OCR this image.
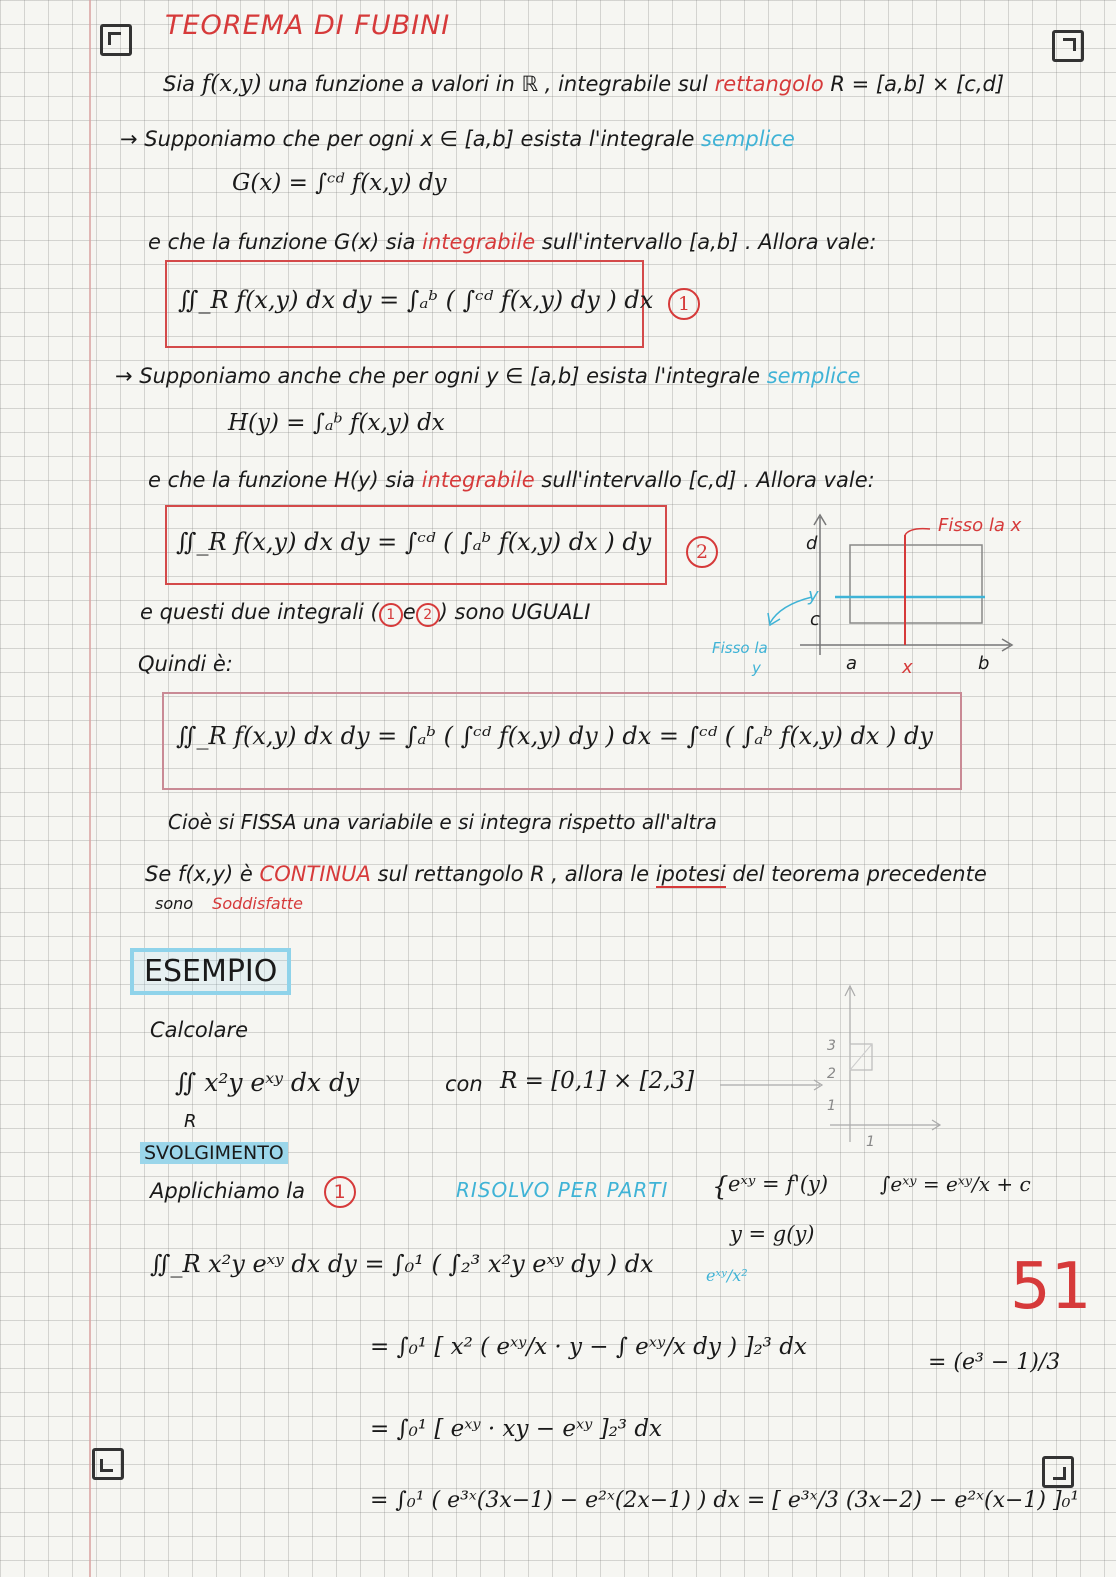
TEOREMA DI FUBINI
Sia f(x,y) una funzione a valori in ℝ , integrabile sul rettangolo R = [a,b] × [c,d]
→ Supponiamo che per ogni x ∈ [a,b] esista l'integrale semplice
G(x) = ∫ᶜᵈ f(x,y) dy
e che la funzione G(x) sia integrabile sull'intervallo [a,b] . Allora vale:
∬_R f(x,y) dx dy = ∫ₐᵇ ( ∫ᶜᵈ f(x,y) dy ) dx	1
→ Supponiamo anche che per ogni y ∈ [a,b] esista l'integrale semplice
H(y) = ∫ₐᵇ f(x,y) dx
e che la funzione H(y) sia integrabile sull'intervallo [c,d] . Allora vale:
∬_R f(x,y) dx dy = ∫ᶜᵈ ( ∫ₐᵇ f(x,y) dx ) dy	2
Fisso la x
Fisso la
y
d
y
c
a x	b
e questi due integrali ( 1 e 2 ) sono UGUALI
Quindi è:
∬_R f(x,y) dx dy = ∫ₐᵇ ( ∫ᶜᵈ f(x,y) dy ) dx = ∫ᶜᵈ ( ∫ₐᵇ f(x,y) dx ) dy
Cioè si FISSA una variabile e si integra rispetto all'altra
Se f(x,y) è CONTINUA sul rettangolo R , allora le ipotesi del teorema precedente
sono Soddisfatte
ESEMPIO
Calcolare
∬ x²y eˣʸ dx dy
R
con R = [0,1] × [2,3]
3
2
1
1
SVOLGIMENTO
Applichiamo la 1	RISOLVO PER PARTI { eˣʸ = f'(y)
y = g(y)
∫eˣʸ = eˣʸ/x + c
∬_R x²y eˣʸ dx dy = ∫₀¹ ( ∫₂³ x²y eˣʸ dy ) dx	eˣʸ/x²
= ∫₀¹ [ x² ( eˣʸ/x · y − ∫ eˣʸ/x dy ) ]₂³ dx
= ∫₀¹ [ eˣʸ · xy − eˣʸ ]₂³ dx
= ∫₀¹ ( e³ˣ(3x−1) − e²ˣ(2x−1) ) dx = [ e³ˣ/3 (3x−2) − e²ˣ(x−1) ]₀¹
= (e³ − 1)/3
51
